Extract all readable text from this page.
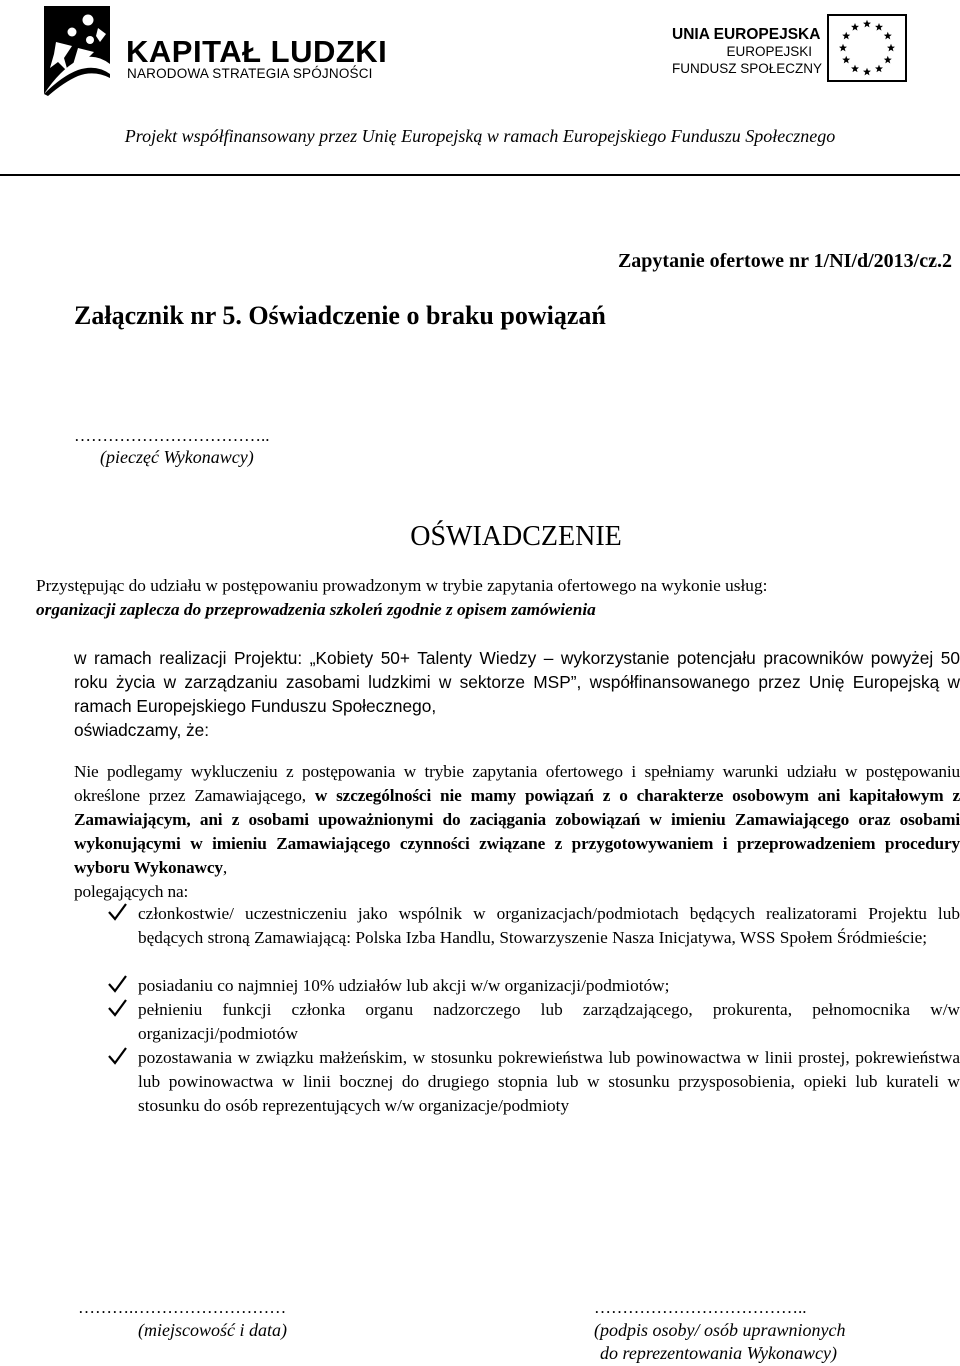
KAPITAŁ LUDZKI
NARODOWA STRATEGIA SPÓJNOŚCI
UNIA EUROPEJSKA
EUROPEJSKI
FUNDUSZ SPOŁECZNY
Projekt współfinansowany przez Unię Europejską w ramach Europejskiego Funduszu Społecznego
Zapytanie ofertowe nr 1/NI/d/2013/cz.2
Załącznik nr 5. Oświadczenie o braku powiązań
……………………………..
(pieczęć Wykonawcy)
OŚWIADCZENIE
Przystępując do udziału w postępowaniu prowadzonym w trybie zapytania ofertowego na wykonie usług:
organizacji zaplecza do przeprowadzenia szkoleń zgodnie z opisem zamówienia
w ramach realizacji Projektu: „Kobiety 50+ Talenty Wiedzy – wykorzystanie potencjału pracowników powyżej 50 roku życia w zarządzaniu zasobami ludzkimi w sektorze MSP”, współfinansowanego przez Unię Europejską w ramach Europejskiego Funduszu Społecznego,
oświadczamy, że:
Nie podlegamy wykluczeniu z postępowania w trybie zapytania ofertowego i spełniamy warunki udziału w postępowaniu określone przez Zamawiającego, w szczególności nie mamy powiązań z o charakterze osobowym ani kapitałowym z Zamawiającym, ani z osobami upoważnionymi do zaciągania zobowiązań w imieniu Zamawiającego oraz osobami wykonującymi w imieniu Zamawiającego czynności związane z przygotowywaniem i przeprowadzeniem procedury wyboru Wykonawcy,
polegających na:
członkostwie/ uczestniczeniu jako wspólnik w organizacjach/podmiotach będących realizatorami Projektu lub będących stroną Zamawiającą: Polska Izba Handlu, Stowarzyszenie Nasza Inicjatywa, WSS Społem Śródmieście;
posiadaniu co najmniej 10% udziałów lub akcji w/w organizacji/podmiotów;
pełnieniu funkcji członka organu nadzorczego lub zarządzającego, prokurenta, pełnomocnika w/w organizacji/podmiotów
pozostawania w związku małżeńskim, w stosunku pokrewieństwa lub powinowactwa w linii prostej, pokrewieństwa lub powinowactwa w linii bocznej do drugiego stopnia lub w stosunku przysposobienia, opieki lub kurateli w stosunku do osób reprezentujących w/w organizacje/podmioty
……….………………………
(miejscowość i data)
………………………………..
(podpis osoby/ osób uprawnionych
do reprezentowania Wykonawcy)
